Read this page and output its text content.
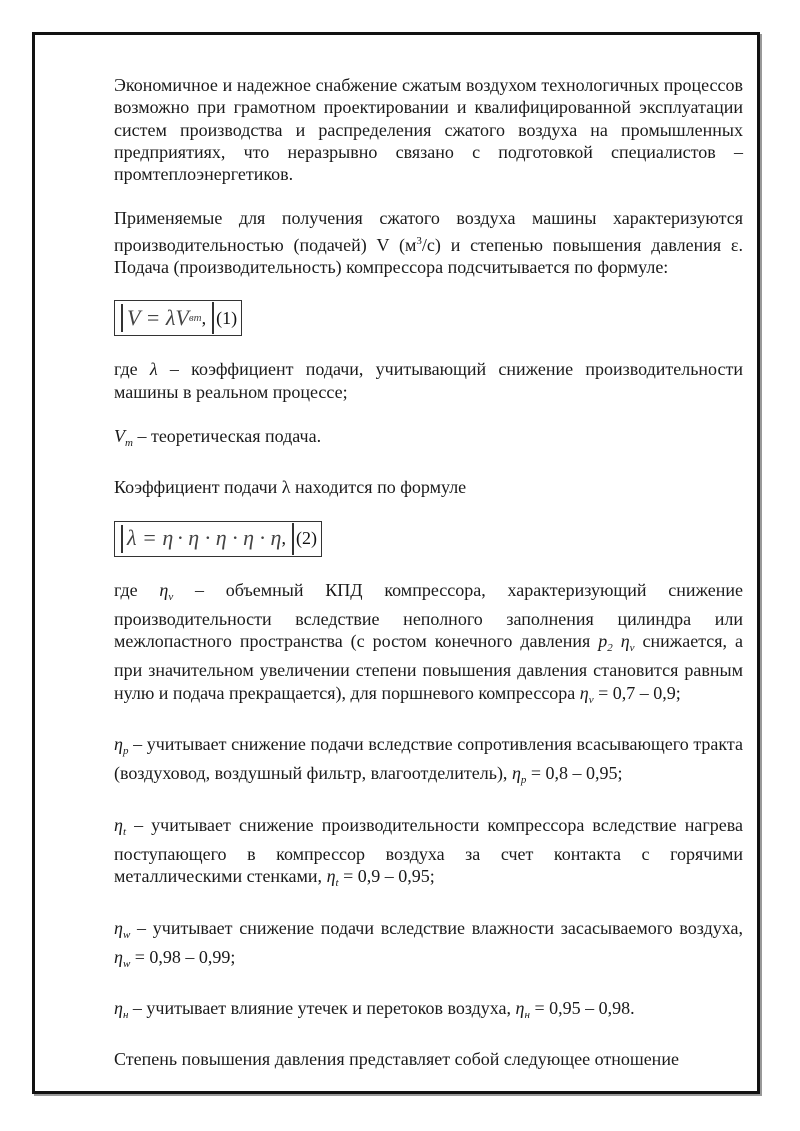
Экономичное и надежное снабжение сжатым воздухом технологичных процессов возможно при грамотном проектировании и квалифицированной эксплуатации систем производства и распределения сжатого воздуха на промышленных предприятиях, что неразрывно связано с подготовкой специалистов – промтеплоэнергетиков.

Применяемые для получения сжатого воздуха машины характеризуются производительностью (подачей) V $(м^3/с)$ и степенью повышения давления ε. Подача (производительность) компрессора подсчитывается по формуле:

V = λV вт , (1)

где λ – коэффициент подачи, учитывающий снижение производительности машины в реальном процессе;

$V_т$ – теоретическая подача.

Коэффициент подачи λ находится по формуле

λ = η · η · η · η · η , (2)

где $\eta_v$ – объемный КПД компрессора, характеризующий снижение производительности вследствие неполного заполнения цилиндра или межлопастного пространства (с ростом конечного давления $p_2$ $\eta_v$ снижается, а при значительном увеличении степени повышения давления становится равным нулю и подача прекращается), для поршневого компрессора $\eta_v = 0,7 - 0,9$;

$\eta_р$ – учитывает снижение подачи вследствие сопротивления всасывающего тракта (воздуховод, воздушный фильтр, влагоотделитель), $\eta_р = 0,8 - 0,95$;

$\eta_t$ – учитывает снижение производительности компрессора вследствие нагрева поступающего в компрессор воздуха за счет контакта с горячими металлическими стенками, $\eta_t = 0,9 - 0,95$;

$\eta_w$ – учитывает снижение подачи вследствие влажности засасываемого воздуха, $\eta_w = 0,98 - 0,99$;

$\eta_н$ – учитывает влияние утечек и перетоков воздуха, $\eta_н = 0,95 - 0,98$.

Степень повышения давления представляет собой следующее отношение
